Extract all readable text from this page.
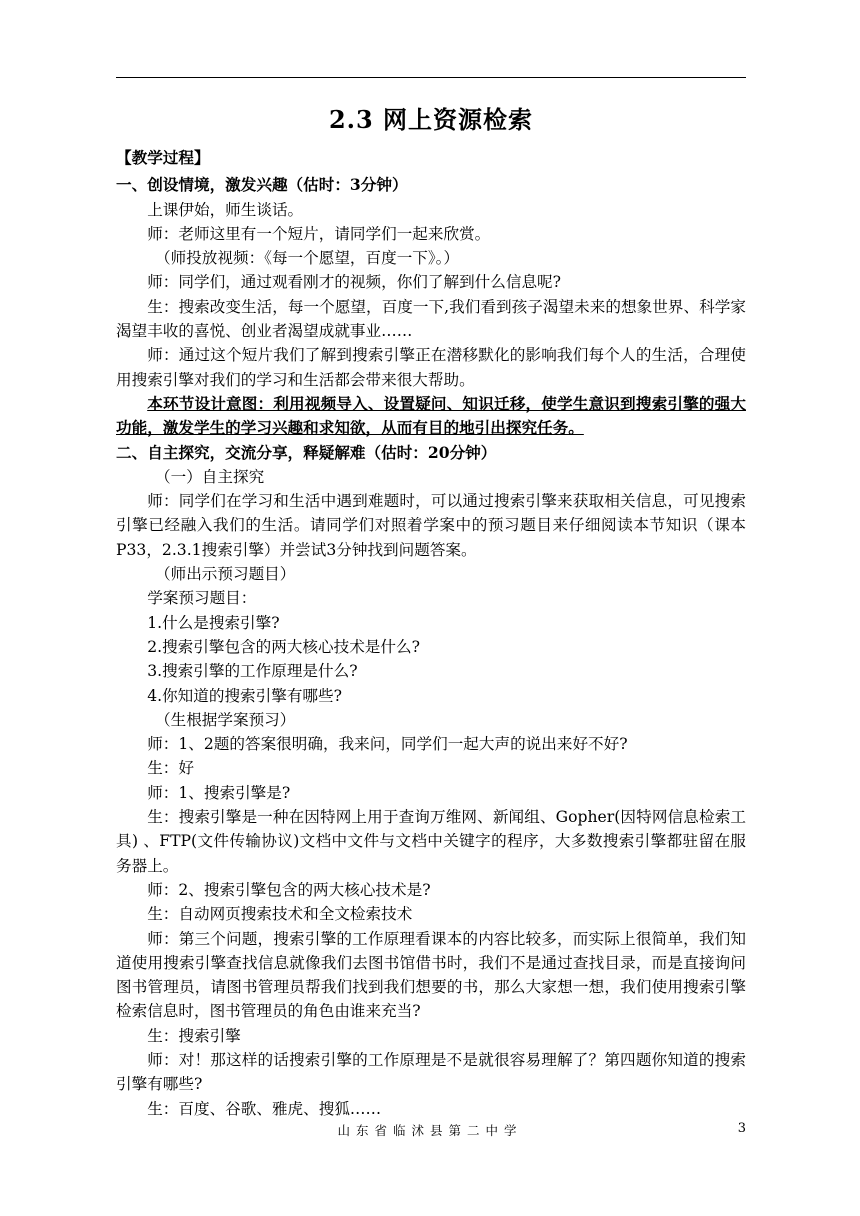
2.3 网上资源检索

【教学过程】

一、创设情境，激发兴趣（估时：3分钟）

上课伊始，师生谈话。

师：老师这里有一个短片，请同学们一起来欣赏。

（师投放视频：《每一个愿望，百度一下》。）

师：同学们，通过观看刚才的视频，你们了解到什么信息呢?

生：搜索改变生活，每一个愿望，百度一下,我们看到孩子渴望未来的想象世界、科学家渴望丰收的喜悦、创业者渴望成就事业……

师：通过这个短片我们了解到搜索引擎正在潜移默化的影响我们每个人的生活，合理使用搜索引擎对我们的学习和生活都会带来很大帮助。

本环节设计意图：利用视频导入、设置疑问、知识迁移，使学生意识到搜索引擎的强大功能，激发学生的学习兴趣和求知欲，从而有目的地引出探究任务。

二、自主探究，交流分享，释疑解难（估时：20分钟）

（一）自主探究

师：同学们在学习和生活中遇到难题时，可以通过搜索引擎来获取相关信息，可见搜索引擎已经融入我们的生活。请同学们对照着学案中的预习题目来仔细阅读本节知识（课本P33，2.3.1搜索引擎）并尝试3分钟找到问题答案。

（师出示预习题目）

学案预习题目：

1.什么是搜索引擎?

2.搜索引擎包含的两大核心技术是什么?

3.搜索引擎的工作原理是什么?

4.你知道的搜索引擎有哪些?

（生根据学案预习）

师：1、2题的答案很明确，我来问，同学们一起大声的说出来好不好?

生：好

师：1、搜索引擎是?

生：搜索引擎是一种在因特网上用于查询万维网、新闻组、Gopher(因特网信息检索工具) 、FTP(文件传输协议)文档中文件与文档中关键字的程序，大多数搜索引擎都驻留在服务器上。

师：2、搜索引擎包含的两大核心技术是?

生：自动网页搜索技术和全文检索技术

师：第三个问题，搜索引擎的工作原理看课本的内容比较多，而实际上很简单，我们知道使用搜索引擎查找信息就像我们去图书馆借书时，我们不是通过查找目录，而是直接询问图书管理员，请图书管理员帮我们找到我们想要的书，那么大家想一想，我们使用搜索引擎检索信息时，图书管理员的角色由谁来充当?

生：搜索引擎

师：对！那这样的话搜索引擎的工作原理是不是就很容易理解了？第四题你知道的搜索引擎有哪些?

生：百度、谷歌、雅虎、搜狐……

山东省临沭县第二中学	3
